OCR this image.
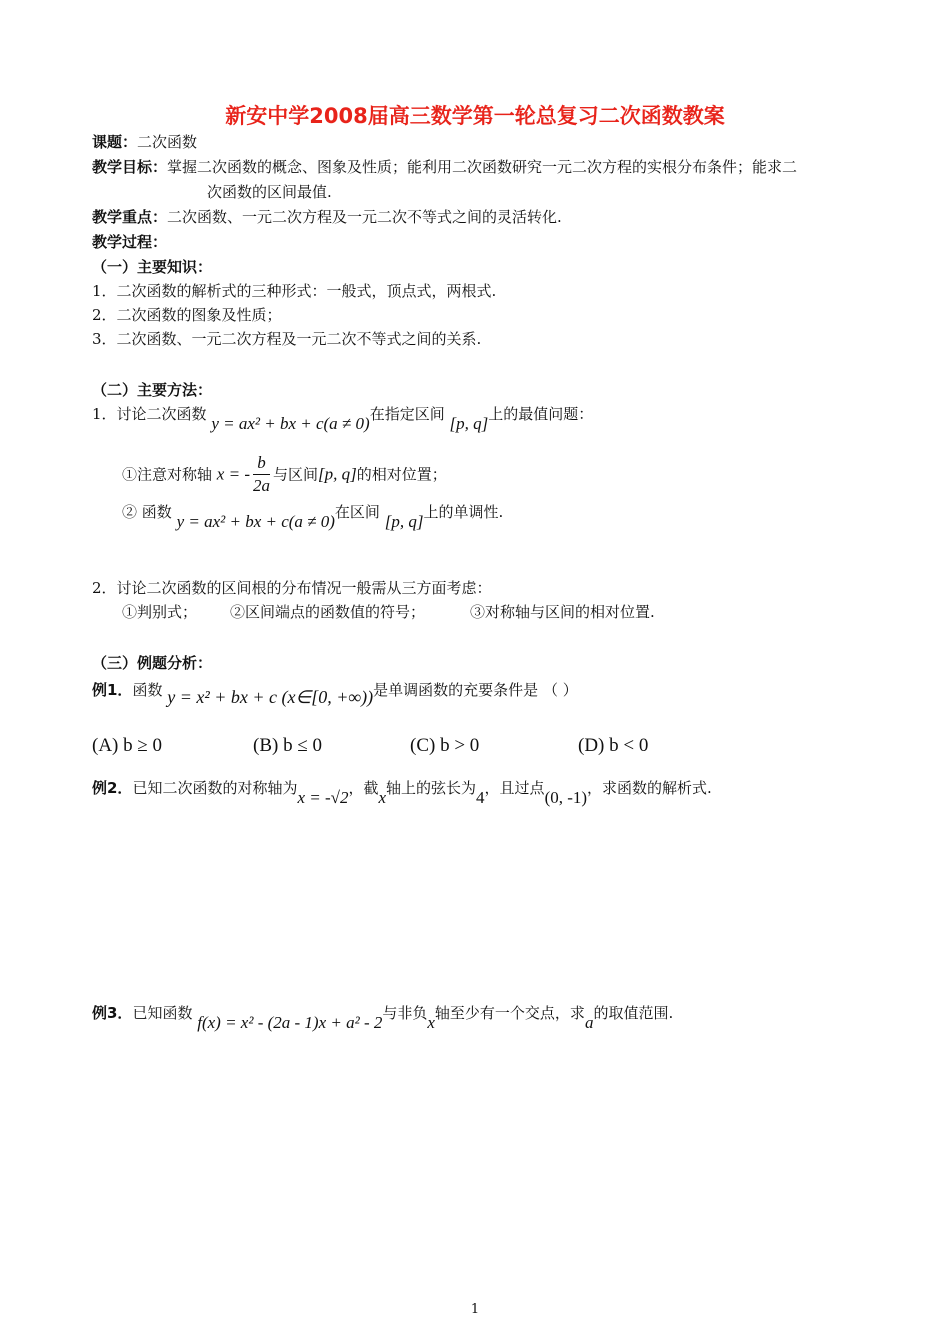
新安中学2008届高三数学第一轮总复习二次函数教案
课题：二次函数
教学目标：掌握二次函数的概念、图象及性质；能利用二次函数研究一元二次方程的实根分布条件；能求二
次函数的区间最值.
教学重点：二次函数、一元二次方程及一元二次不等式之间的灵活转化.
教学过程：
（一）主要知识：
1．二次函数的解析式的三种形式：一般式，顶点式，两根式.
2．二次函数的图象及性质；
3．二次函数、一元二次方程及一元二次不等式之间的关系.
（二）主要方法：
1．讨论二次函数 y = ax² + bx + c(a ≠ 0)在指定区间 [p, q]上的最值问题：
①注意对称轴 x = - $\frac{b}{2a}$ 与区间[p, q]的相对位置；
② 函数 y = ax² + bx + c(a ≠ 0)在区间 [p, q]上的单调性.
2．讨论二次函数的区间根的分布情况一般需从三方面考虑：
①判别式； ②区间端点的函数值的符号；	③对称轴与区间的相对位置.
（三）例题分析：
例1．函数 y = x² + bx + c (x∈[0, +∞))是单调函数的充要条件是 （ ）
(A) b ≥ 0	(B) b ≤ 0	(C) b > 0	(D) b < 0
例2．已知二次函数的对称轴为x = -√2，截x轴上的弦长为4，且过点(0, -1)，求函数的解析式.
例3．已知函数 f(x) = x² - (2a - 1)x + a² - 2与非负x轴至少有一个交点，求a的取值范围.
1
